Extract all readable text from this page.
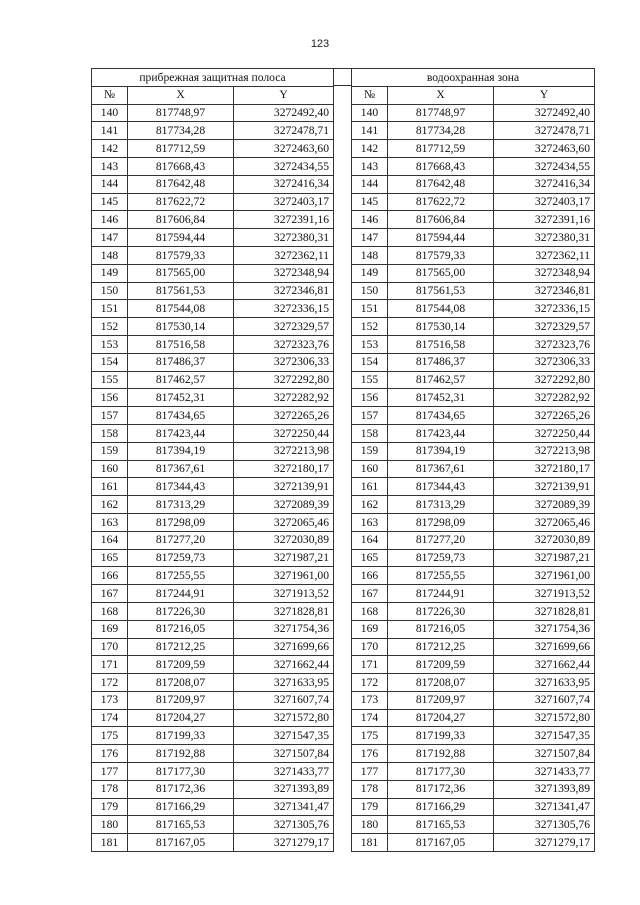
123
прибрежная защитная полоса		
№	X	Y
140	817748,97	3272492,40
141	817734,28	3272478,71
142	817712,59	3272463,60
143	817668,43	3272434,55
144	817642,48	3272416,34
145	817622,72	3272403,17
146	817606,84	3272391,16
147	817594,44	3272380,31
148	817579,33	3272362,11
149	817565,00	3272348,94
150	817561,53	3272346,81
151	817544,08	3272336,15
152	817530,14	3272329,57
153	817516,58	3272323,76
154	817486,37	3272306,33
155	817462,57	3272292,80
156	817452,31	3272282,92
157	817434,65	3272265,26
158	817423,44	3272250,44
159	817394,19	3272213,98
160	817367,61	3272180,17
161	817344,43	3272139,91
162	817313,29	3272089,39
163	817298,09	3272065,46
164	817277,20	3272030,89
165	817259,73	3271987,21
166	817255,55	3271961,00
167	817244,91	3271913,52
168	817226,30	3271828,81
169	817216,05	3271754,36
170	817212,25	3271699,66
171	817209,59	3271662,44
172	817208,07	3271633,95
173	817209,97	3271607,74
174	817204,27	3271572,80
175	817199,33	3271547,35
176	817192,88	3271507,84
177	817177,30	3271433,77
178	817172,36	3271393,89
179	817166,29	3271341,47
180	817165,53	3271305,76
181	817167,05	3271279,17
водоохранная зона		
№	X	Y
140	817748,97	3272492,40
141	817734,28	3272478,71
142	817712,59	3272463,60
143	817668,43	3272434,55
144	817642,48	3272416,34
145	817622,72	3272403,17
146	817606,84	3272391,16
147	817594,44	3272380,31
148	817579,33	3272362,11
149	817565,00	3272348,94
150	817561,53	3272346,81
151	817544,08	3272336,15
152	817530,14	3272329,57
153	817516,58	3272323,76
154	817486,37	3272306,33
155	817462,57	3272292,80
156	817452,31	3272282,92
157	817434,65	3272265,26
158	817423,44	3272250,44
159	817394,19	3272213,98
160	817367,61	3272180,17
161	817344,43	3272139,91
162	817313,29	3272089,39
163	817298,09	3272065,46
164	817277,20	3272030,89
165	817259,73	3271987,21
166	817255,55	3271961,00
167	817244,91	3271913,52
168	817226,30	3271828,81
169	817216,05	3271754,36
170	817212,25	3271699,66
171	817209,59	3271662,44
172	817208,07	3271633,95
173	817209,97	3271607,74
174	817204,27	3271572,80
175	817199,33	3271547,35
176	817192,88	3271507,84
177	817177,30	3271433,77
178	817172,36	3271393,89
179	817166,29	3271341,47
180	817165,53	3271305,76
181	817167,05	3271279,17
